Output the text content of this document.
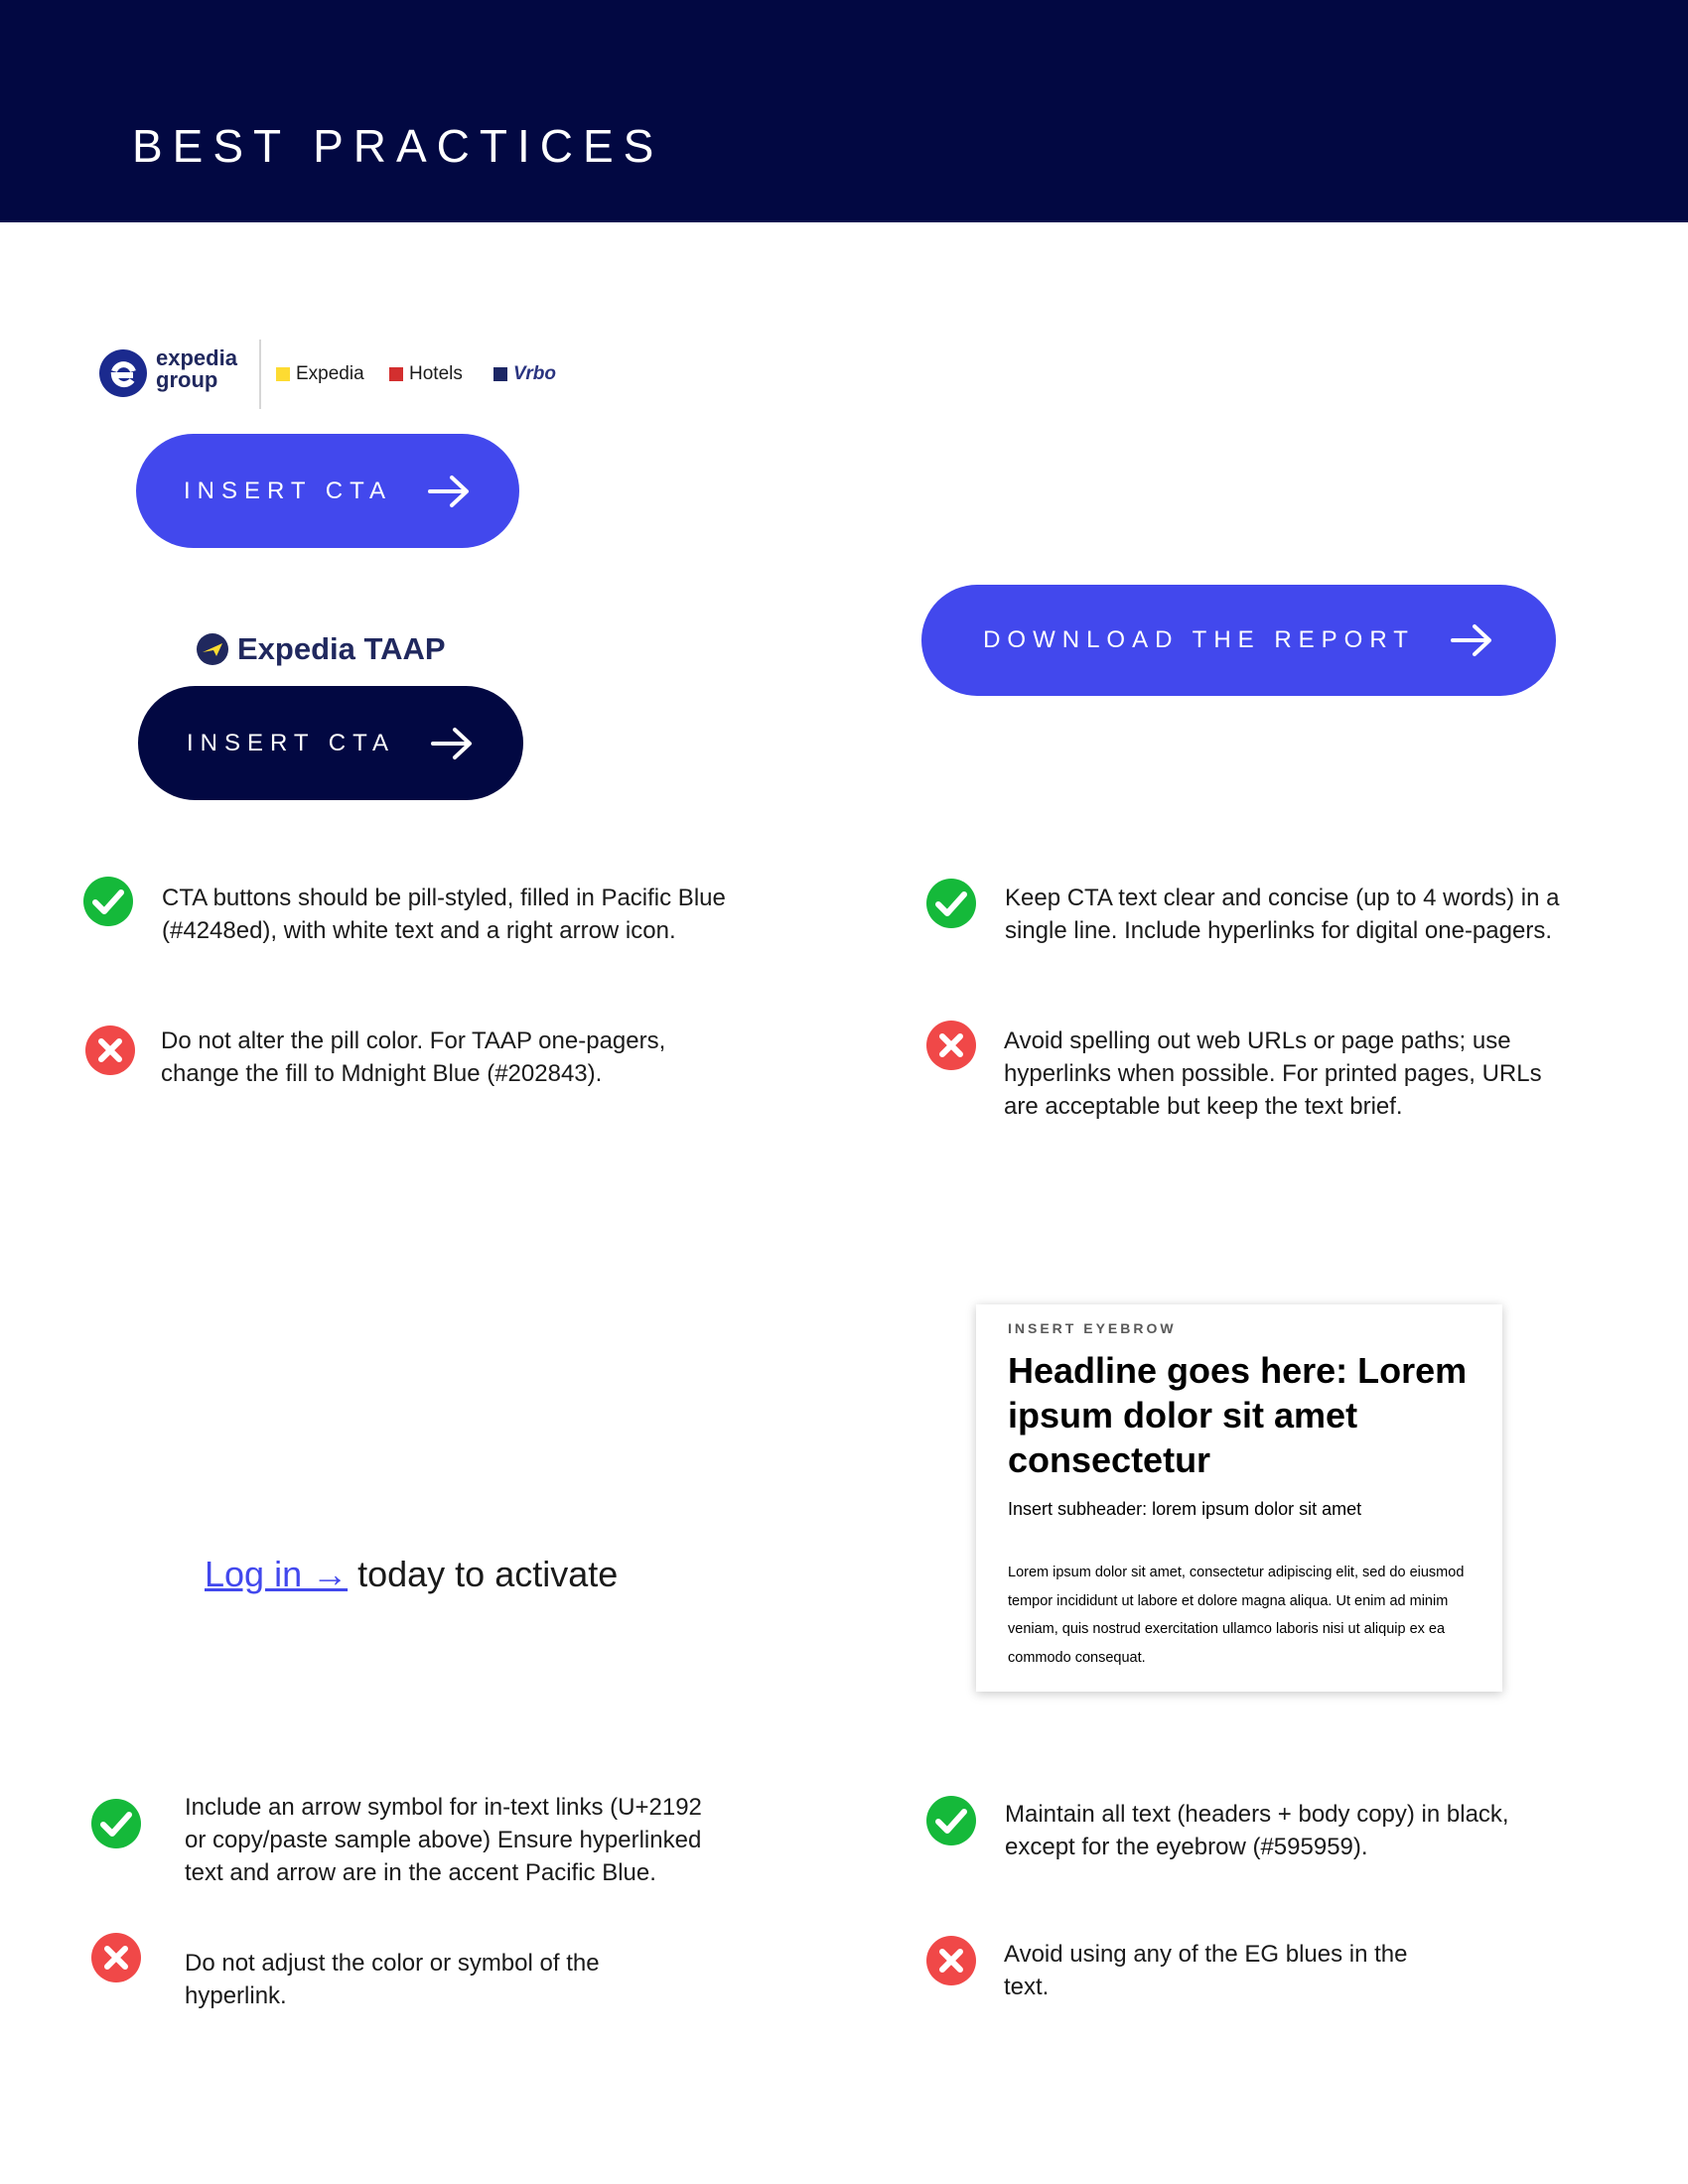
BEST PRACTICES
expedia
group	Expedia Hotels	Vrbo
INSERT CTA
Expedia TAAP
INSERT CTA
DOWNLOAD THE REPORT
CTA buttons should be pill-styled, filled in Pacific Blue (#4248ed), with white text and a right arrow icon.
Do not alter the pill color. For TAAP one-pagers, change the fill to Mdnight Blue (#202843).
Keep CTA text clear and concise (up to 4 words) in a single line. Include hyperlinks for digital one-pagers.
Avoid spelling out web URLs or page paths; use hyperlinks when possible. For printed pages, URLs are acceptable but keep the text brief.
Log in → today to activate
INSERT EYEBROW
Headline goes here: Lorem ipsum dolor sit amet consectetur
Insert subheader: lorem ipsum dolor sit amet
Lorem ipsum dolor sit amet, consectetur adipiscing elit, sed do eiusmod tempor incididunt ut labore et dolore magna aliqua. Ut enim ad minim veniam, quis nostrud exercitation ullamco laboris nisi ut aliquip ex ea commodo consequat.
Include an arrow symbol for in-text links (U+2192 or copy/paste sample above) Ensure hyperlinked text and arrow are in the accent Pacific Blue.
Do not adjust the color or symbol of the hyperlink.
Maintain all text (headers + body copy) in black, except for the eyebrow (#595959).
Avoid using any of the EG blues in the text.
